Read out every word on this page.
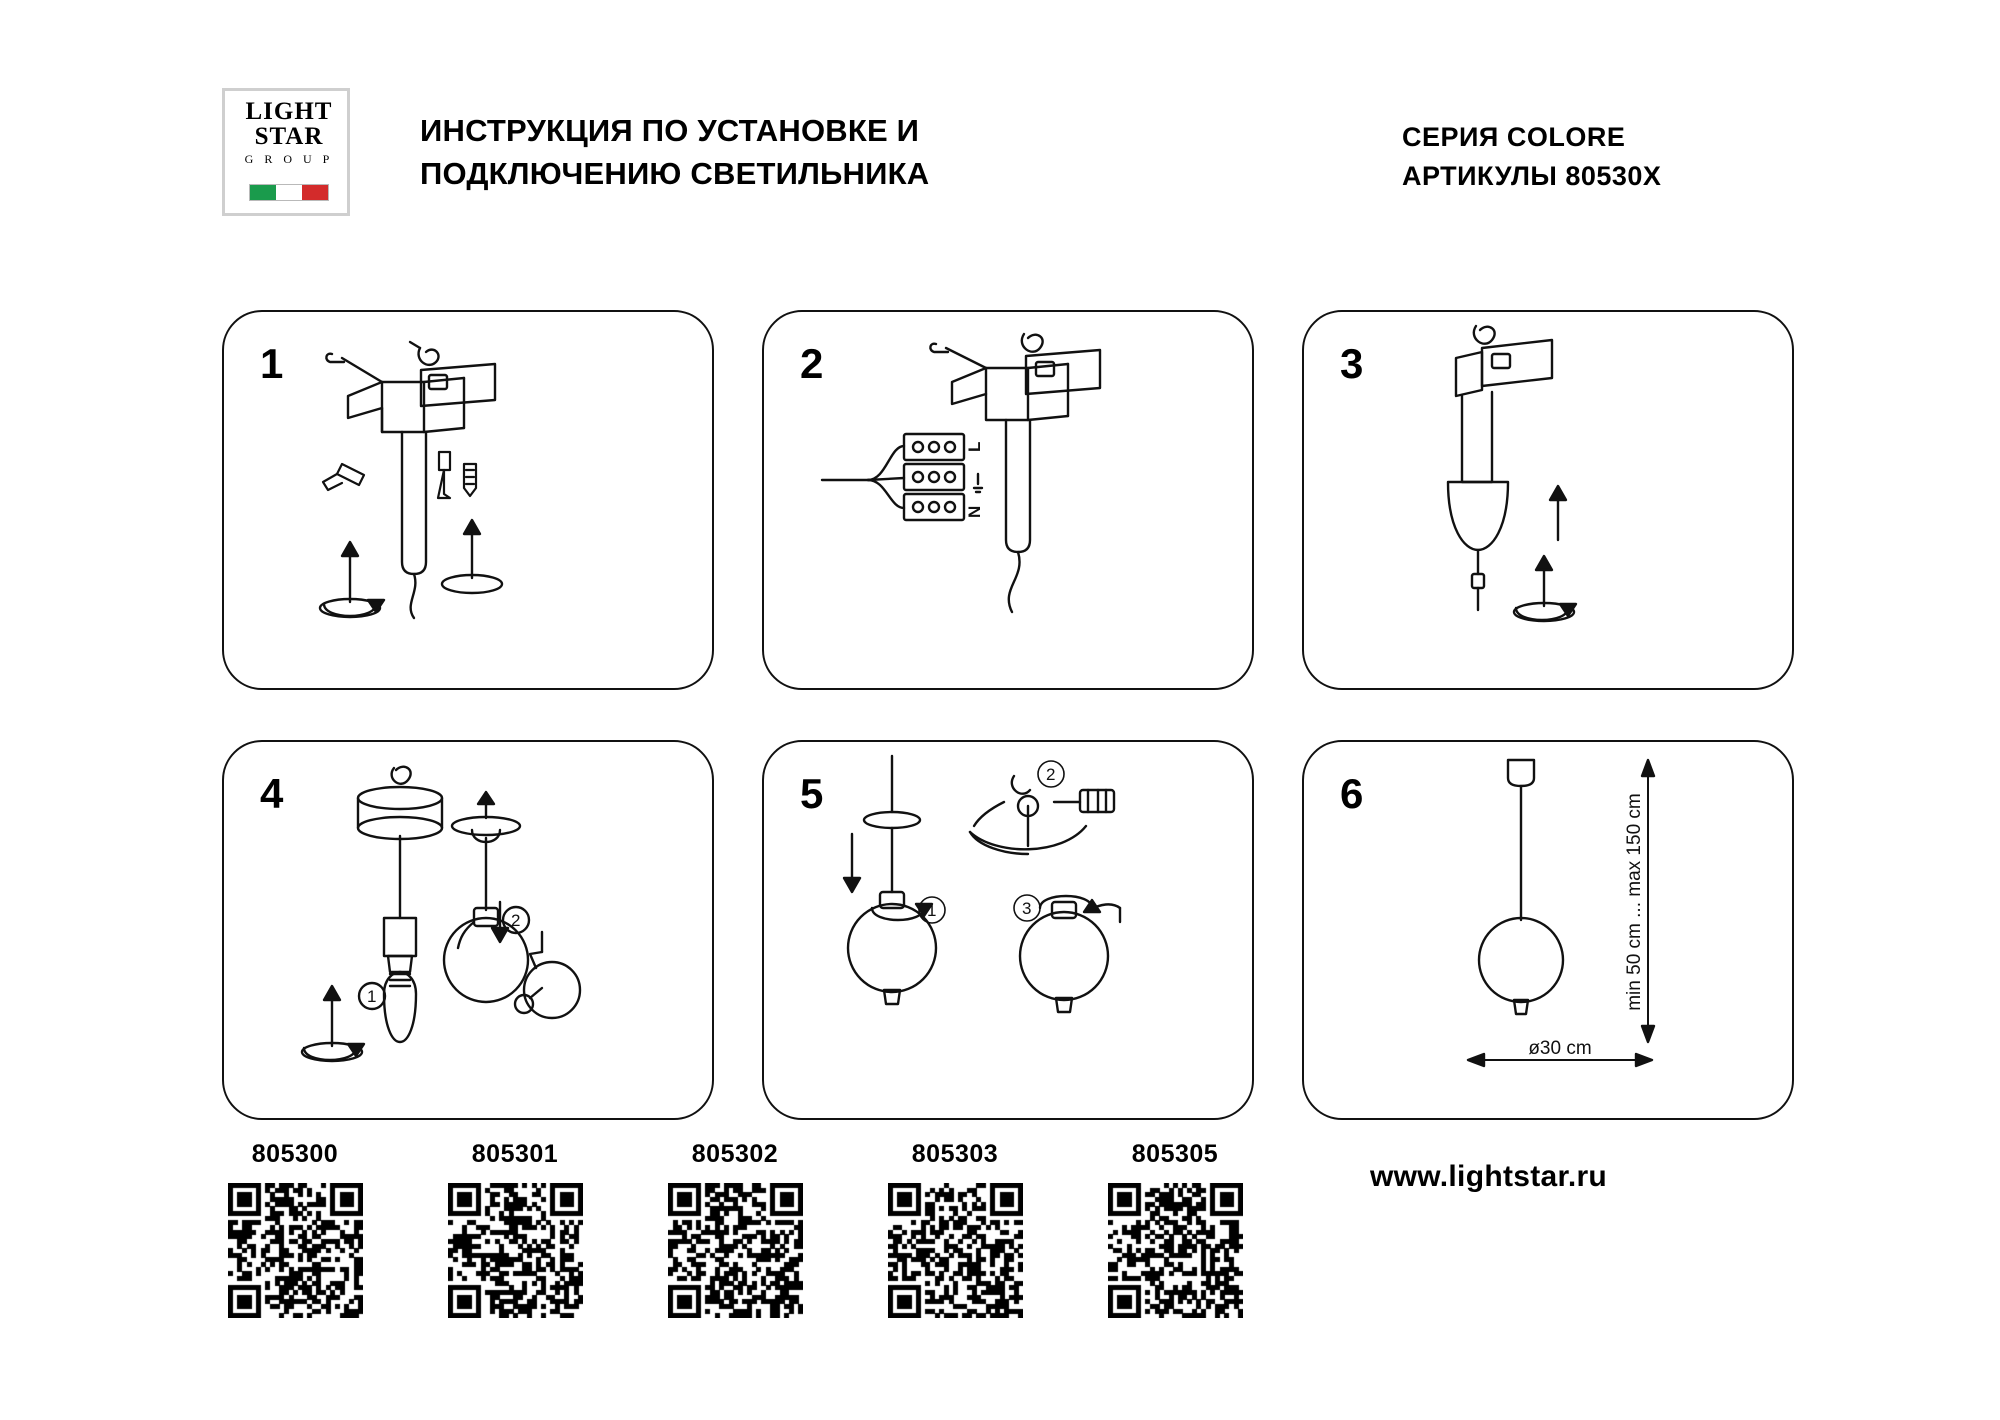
LIGHT
STAR
G R O U P
ИНСТРУКЦИЯ ПО УСТАНОВКЕ И ПОДКЛЮЧЕНИЮ СВЕТИЛЬНИКА
СЕРИЯ COLORE
АРТИКУЛЫ 80530X
1	2
L
N
3
4
1
2
5
1
2
3
6	min 50 cm ... max 150 cm
ø30 cm
805300	805301	805302	805303	805305
www.lightstar.ru
